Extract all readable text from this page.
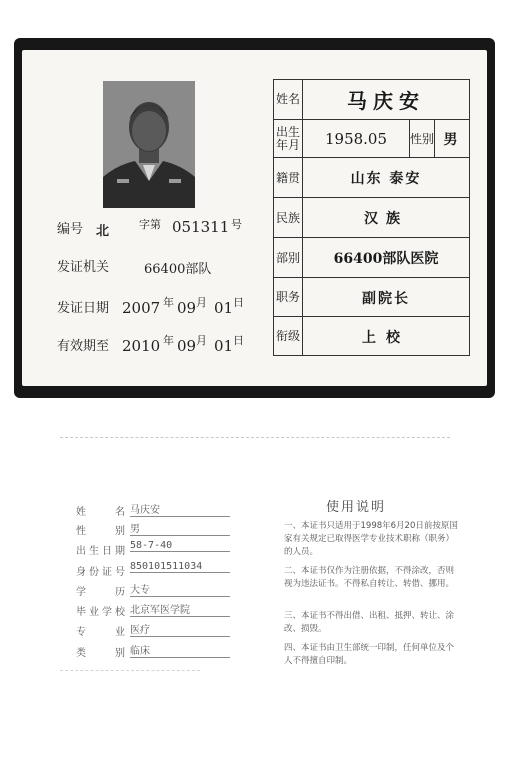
编号 北	字第 051311 号
发证机关	66400部队
发证日期 2007 年 09 月 01 日
有效期至 2010 年 09 月 01 日
姓名	马庆安
出生年月	1958.05	性别 男
籍贯	山东 泰安
民族	汉族
部别	66400部队医院
职务	副院长
衔级	上校
姓　　名 马庆安
性　　别 男
出生日期
58-7-40
身份证号
850101511034
学　　历 大专
毕业学校 北京军医学院
专　　业 医疗
类　　别 临床
使用说明
一、本证书只适用于1998年6月20日前按原国家有关规定已取得医学专业技术职称（职务）的人员。
二、本证书仅作为注册依据，不得涂改，否则视为违法证书。不得私自转让、转借、挪用。
三、本证书不得出借、出租、抵押、转让、涂改、损毁。
四、本证书由卫生部统一印制，任何单位及个人不得擅自印制。
